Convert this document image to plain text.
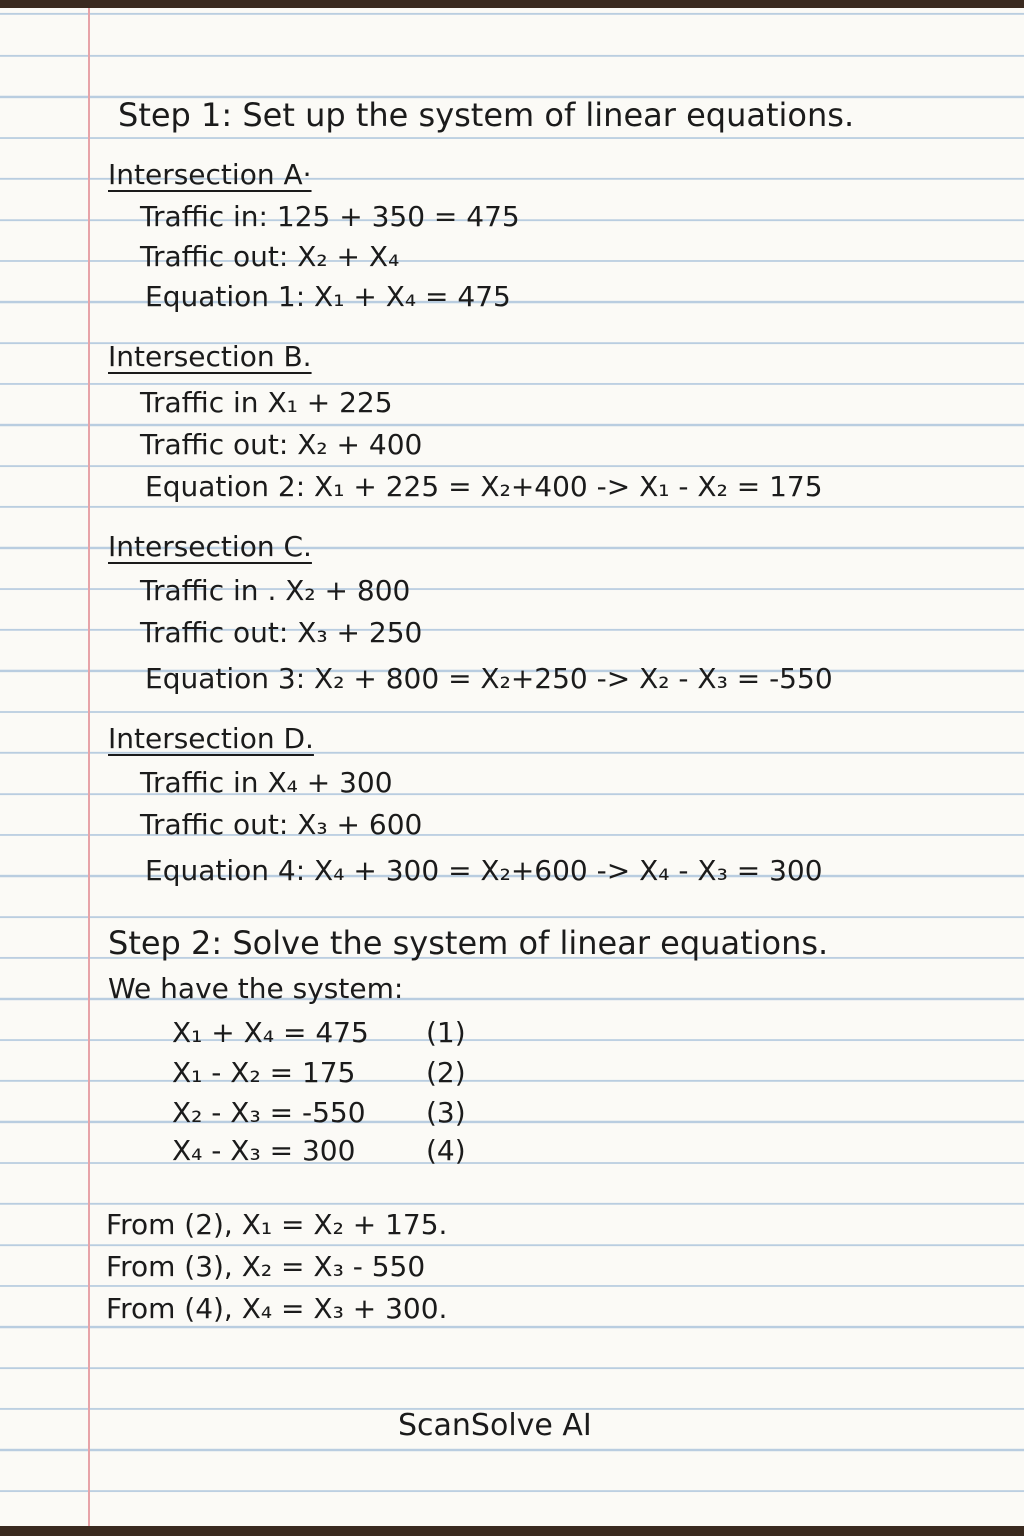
Step 1: Set up the system of linear equations.
Intersection A·
Traffic in: 125 + 350 = 475
Traffic out: X₂ + X₄
Equation 1: X₁ + X₄ = 475
Intersection B.
Traffic in X₁ + 225
Traffic out: X₂ + 400
Equation 2: X₁ + 225 = X₂+400 -> X₁ - X₂ = 175
Intersection C.
Traffic in . X₂ + 800
Traffic out: X₃ + 250
Equation 3: X₂ + 800 = X₂+250 -> X₂ - X₃ = -550
Intersection D.
Traffic in X₄ + 300
Traffic out: X₃ + 600
Equation 4: X₄ + 300 = X₂+600 -> X₄ - X₃ = 300
Step 2: Solve the system of linear equations.
We have the system:
X₁ + X₄ = 475 (1)
X₁ - X₂ = 175	(2)
X₂ - X₃ = -550 (3)
X₄ - X₃ = 300	(4)
From (2), X₁ = X₂ + 175.
From (3), X₂ = X₃ - 550
From (4), X₄ = X₃ + 300.
ScanSolve AI
